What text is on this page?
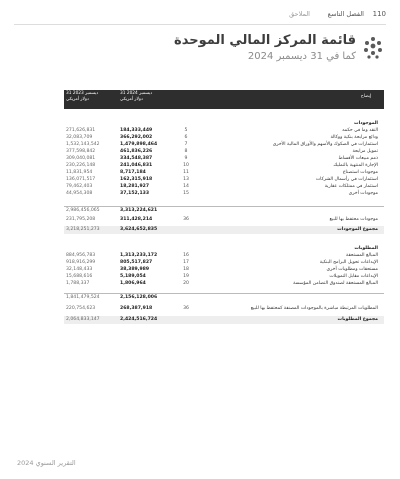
110
الفصل التاسع
الملاحق
قائمة المركز المالي الموحدة
كما في 31 ديسمبر 2024
إيضاح
31 ديسمبر 2024
دولار أمريكي
31 ديسمبر 2023
دولار أمريكي
الموجودات
النقد وما في حكمه
5
184,333,449
271,626,831
ودائع مرابحة بنكية ووكالة
6
366,292,002
32,083,709
استثمارات في الصكوك والأسهم والأوراق المالية الأخرى
7
1,479,898,464
1,532,143,542
تمويل مرابحة
8
461,836,226
377,598,842
ذمم مبيعات الأقساط
9
334,548,387
309,040,081
الإجارة المنتهية بالتمليك
10
241,046,831
230,226,148
موجودات استصناع
11
8,717,184
11,831,954
استثمارات في رأسمال الشركات
13
162,315,918
136,071,517
استثمار في ممتلكات عقارية
14
18,281,927
79,462,403
موجودات أخرى
15
37,152,133
44,954,308
3,313,224,621
2,986,456,065
موجودات محتفظ بها للبيع
36
311,428,214
231,795,208
مجموع الموجودات
3,624,652,835
3,218,251,273
المطلوبات
المبالغ المستحقة
16
1,313,233,172
884,956,783
الإيداعات تحويل البرامج البنكية
17
805,517,827
918,916,299
مستحقات ومطلوبات أخرى
18
38,389,989
32,148,433
الإيداعات مقابل التمويلات
19
5,189,054
15,688,616
المبالغ المستحقة لصندوق التضامن المؤسسة
20
1,806,964
1,788,337
2,156,128,006
1,841,479,524
المطلوبات المرتبطة مباشرة بالموجودات المصنفة كمحتفظ بها للبيع
36
268,387,918
220,754,623
مجموع المطلوبات
2,424,516,724
2,064,833,147
التقرير السنوي 2024
